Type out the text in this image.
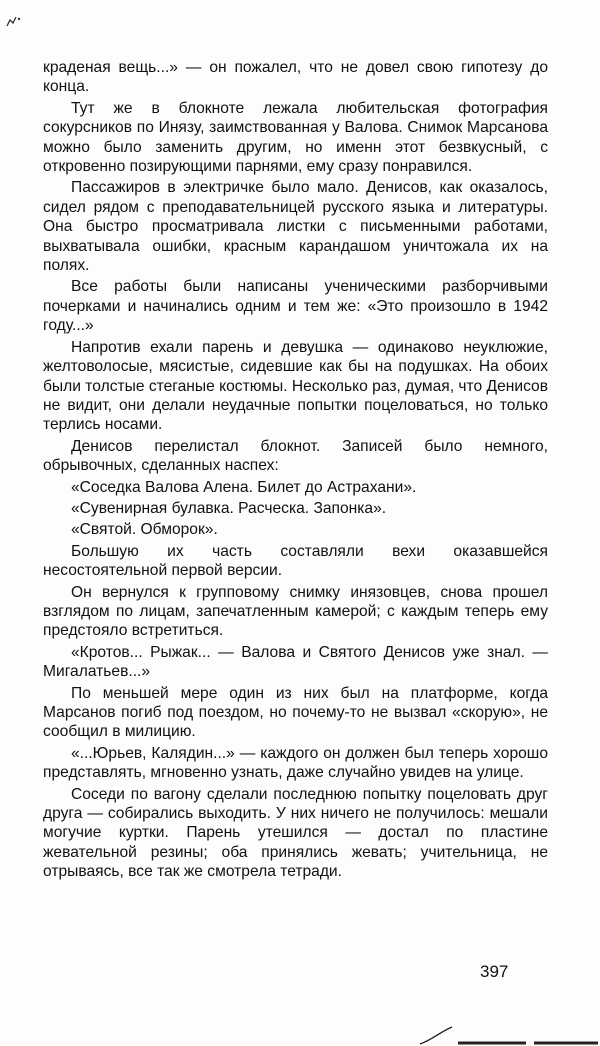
краденая вещь...» — он пожалел, что не довел свою гипотезу до конца.

Тут же в блокноте лежала любительская фотография сокурсников по Инязу, заимствованная у Валова. Снимок Марсанова можно было заменить другим, но именн этот безвкусный, с откровенно позирующими парнями, ему сразу понравился.

Пассажиров в электричке было мало. Денисов, как оказалось, сидел рядом с преподавательницей русского языка и литературы. Она быстро просматривала листки с письменными работами, выхватывала ошибки, красным карандашом уничтожала их на полях.

Все работы были написаны ученическими разборчивыми почерками и начинались одним и тем же: «Это произошло в 1942 году...»

Напротив ехали парень и девушка — одинаково неуклюжие, желтоволосые, мясистые, сидевшие как бы на подушках. На обоих были толстые стеганые костюмы. Несколько раз, думая, что Денисов не видит, они делали неудачные попытки поцеловаться, но только терлись носами.

Денисов перелистал блокнот. Записей было немного, обрывочных, сделанных наспех:

«Соседка Валова Алена. Билет до Астрахани».

«Сувенирная булавка. Расческа. Запонка».

«Святой. Обморок».

Большую их часть составляли вехи оказавшейся несостоятельной первой версии.

Он вернулся к групповому снимку инязовцев, снова прошел взглядом по лицам, запечатленным камерой; с каждым теперь ему предстояло встретиться.

«Кротов... Рыжак... — Валова и Святого Денисов уже знал. — Мигалатьев...»

По меньшей мере один из них был на платформе, когда Марсанов погиб под поездом, но почему-то не вызвал «скорую», не сообщил в милицию.

«...Юрьев, Калядин...» — каждого он должен был теперь хорошо представлять, мгновенно узнать, даже случайно увидев на улице.

Соседи по вагону сделали последнюю попытку поцеловать друг друга — собирались выходить. У них ничего не получилось: мешали могучие куртки. Парень утешился — достал по пластине жевательной резины; оба принялись жевать; учительница, не отрываясь, все так же смотрела тетради.

397
